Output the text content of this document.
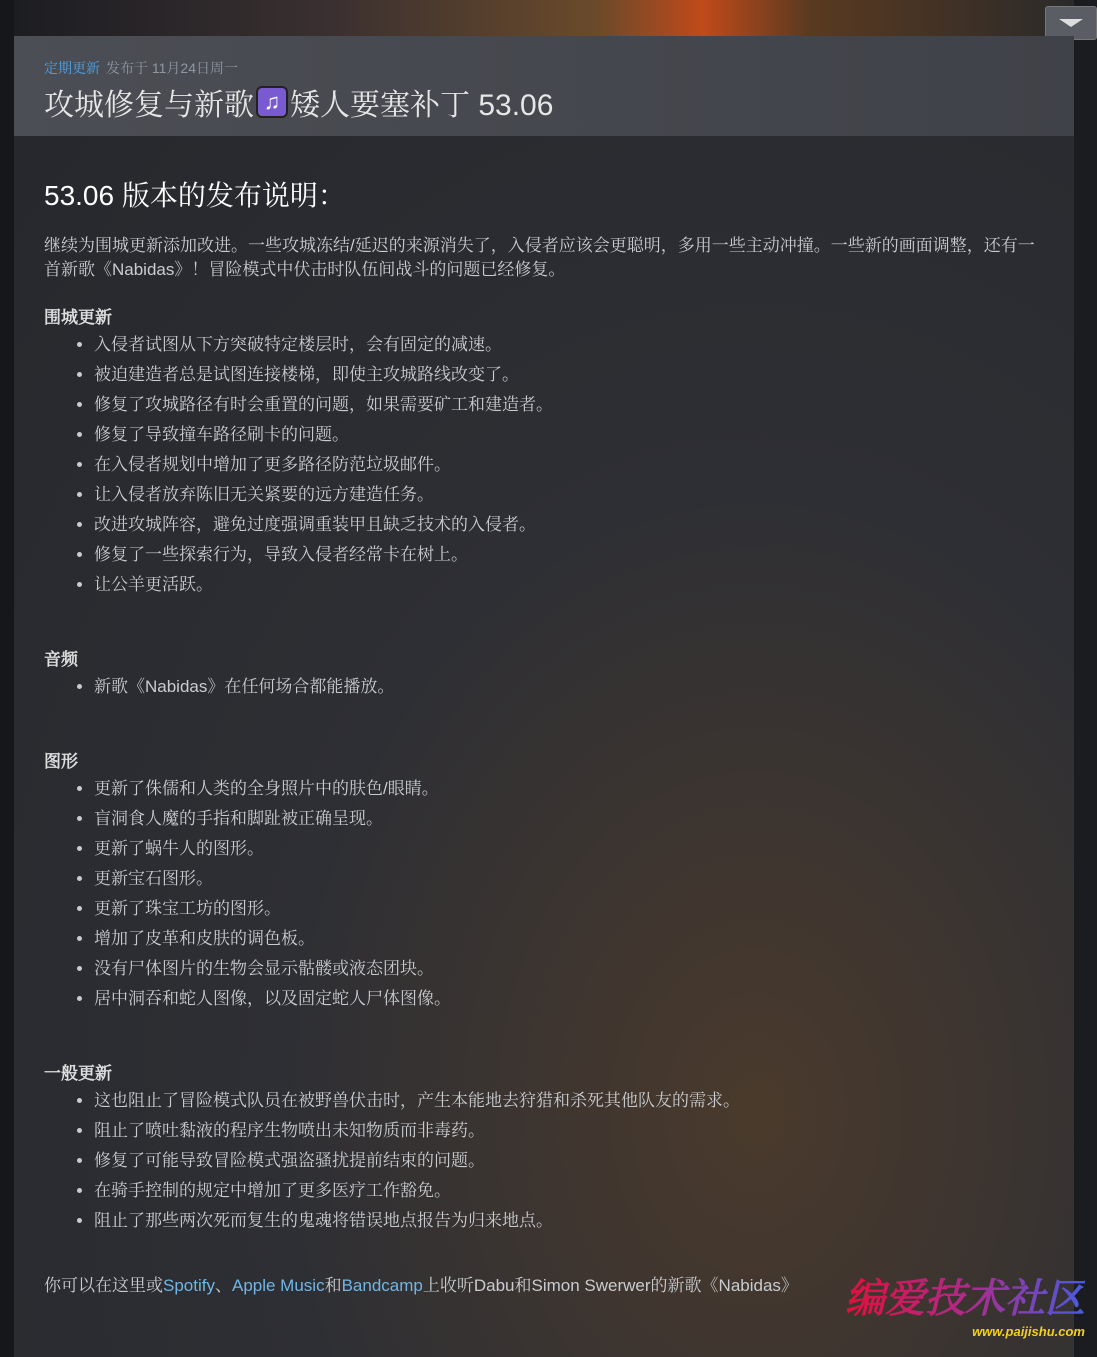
定期更新 发布于 11月24日周一
攻城修复与新歌 ♫ 矮人要塞补丁 53.06
53.06 版本的发布说明：

继续为围城更新添加改进。一些攻城冻结/延迟的来源消失了，入侵者应该会更聪明，多用一些主动冲撞。一些新的画面调整，还有一首新歌《Nabidas》！冒险模式中伏击时队伍间战斗的问题已经修复。

围城更新
• 入侵者试图从下方突破特定楼层时，会有固定的减速。
• 被迫建造者总是试图连接楼梯，即使主攻城路线改变了。
• 修复了攻城路径有时会重置的问题，如果需要矿工和建造者。
• 修复了导致撞车路径刷卡的问题。
• 在入侵者规划中增加了更多路径防范垃圾邮件。
• 让入侵者放弃陈旧无关紧要的远方建造任务。
• 改进攻城阵容，避免过度强调重装甲且缺乏技术的入侵者。
• 修复了一些探索行为，导致入侵者经常卡在树上。
• 让公羊更活跃。
音频
• 新歌《Nabidas》在任何场合都能播放。
图形
• 更新了侏儒和人类的全身照片中的肤色/眼睛。
• 盲洞食人魔的手指和脚趾被正确呈现。
• 更新了蜗牛人的图形。
• 更新宝石图形。
• 更新了珠宝工坊的图形。
• 增加了皮革和皮肤的调色板。
• 没有尸体图片的生物会显示骷髅或液态团块。
• 居中洞吞和蛇人图像，以及固定蛇人尸体图像。
一般更新
• 这也阻止了冒险模式队员在被野兽伏击时，产生本能地去狩猎和杀死其他队友的需求。
• 阻止了喷吐黏液的程序生物喷出未知物质而非毒药。
• 修复了可能导致冒险模式强盗骚扰提前结束的问题。
• 在骑手控制的规定中增加了更多医疗工作豁免。
• 阻止了那些两次死而复生的鬼魂将错误地点报告为归来地点。

你可以在这里或Spotify、Apple Music和Bandcamp上收听Dabu和Simon Swerwer的新歌《Nabidas》	编爱技术社区
www.paijishu.com
